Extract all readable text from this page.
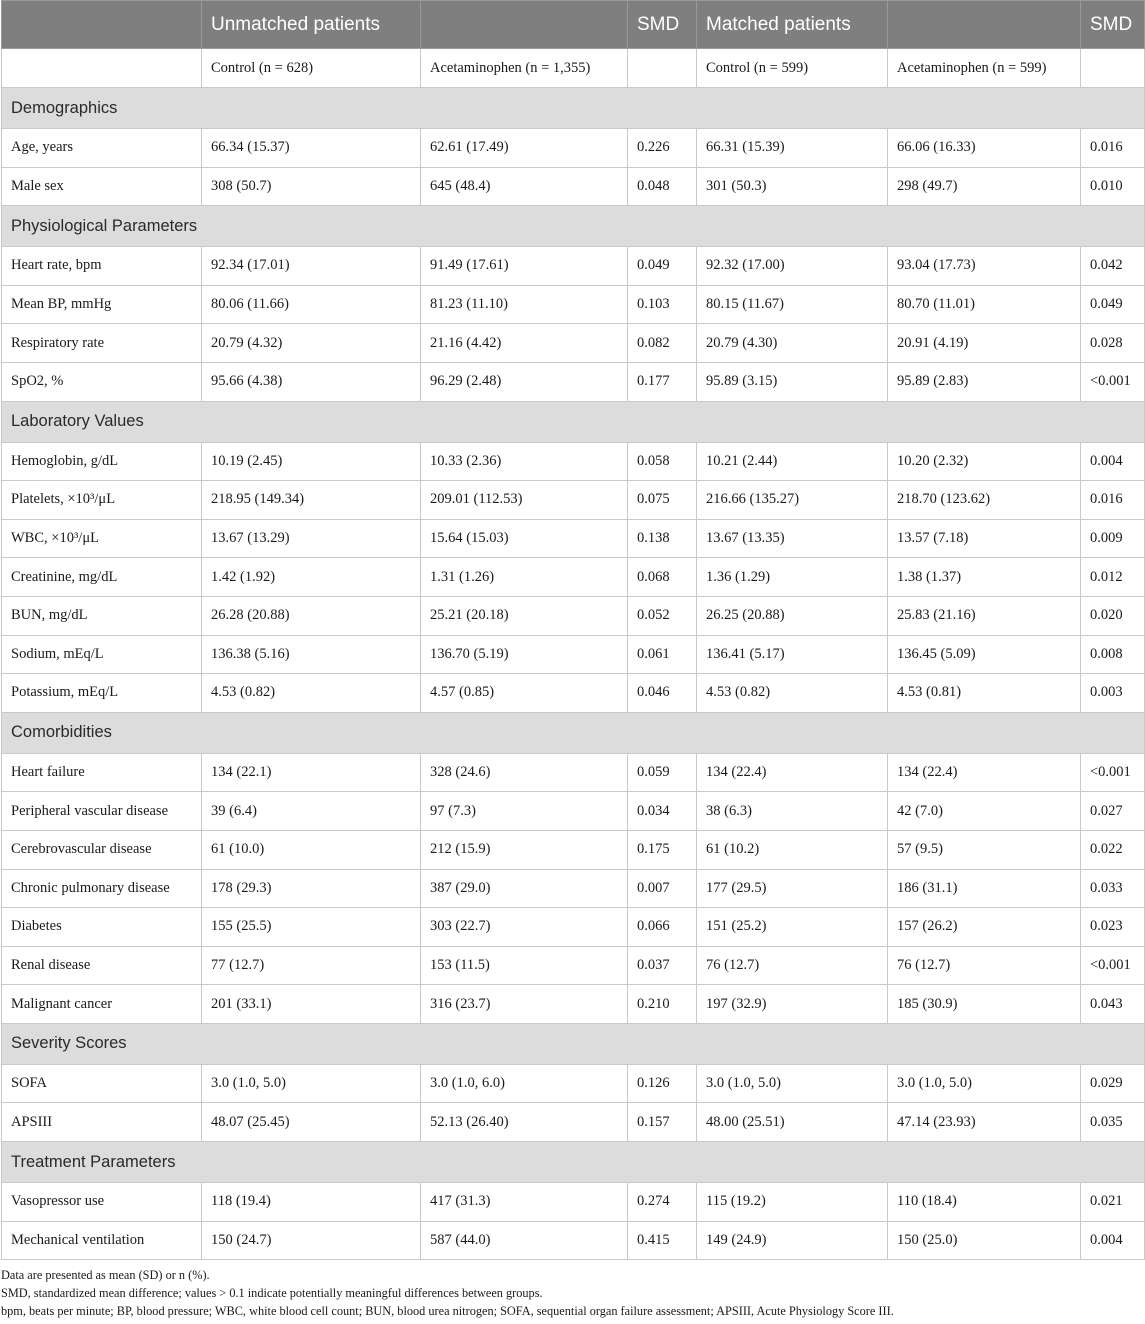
	Unmatched patients		SMD	Matched patients		SMD
	Control (n = 628)	Acetaminophen (n = 1,355)		Control (n = 599)	Acetaminophen (n = 599)	
Demographics						
Age, years	66.34 (15.37)	62.61 (17.49)	0.226	66.31 (15.39)	66.06 (16.33)	0.016
Male sex	308 (50.7)	645 (48.4)	0.048	301 (50.3)	298 (49.7)	0.010
Physiological Parameters						
Heart rate, bpm	92.34 (17.01)	91.49 (17.61)	0.049	92.32 (17.00)	93.04 (17.73)	0.042
Mean BP, mmHg	80.06 (11.66)	81.23 (11.10)	0.103	80.15 (11.67)	80.70 (11.01)	0.049
Respiratory rate	20.79 (4.32)	21.16 (4.42)	0.082	20.79 (4.30)	20.91 (4.19)	0.028
SpO2, %	95.66 (4.38)	96.29 (2.48)	0.177	95.89 (3.15)	95.89 (2.83)	<0.001
Laboratory Values						
Hemoglobin, g/dL	10.19 (2.45)	10.33 (2.36)	0.058	10.21 (2.44)	10.20 (2.32)	0.004
Platelets, ×10³/μL	218.95 (149.34)	209.01 (112.53)	0.075	216.66 (135.27)	218.70 (123.62)	0.016
WBC, ×10³/μL	13.67 (13.29)	15.64 (15.03)	0.138	13.67 (13.35)	13.57 (7.18)	0.009
Creatinine, mg/dL	1.42 (1.92)	1.31 (1.26)	0.068	1.36 (1.29)	1.38 (1.37)	0.012
BUN, mg/dL	26.28 (20.88)	25.21 (20.18)	0.052	26.25 (20.88)	25.83 (21.16)	0.020
Sodium, mEq/L	136.38 (5.16)	136.70 (5.19)	0.061	136.41 (5.17)	136.45 (5.09)	0.008
Potassium, mEq/L	4.53 (0.82)	4.57 (0.85)	0.046	4.53 (0.82)	4.53 (0.81)	0.003
Comorbidities						
Heart failure	134 (22.1)	328 (24.6)	0.059	134 (22.4)	134 (22.4)	<0.001
Peripheral vascular disease	39 (6.4)	97 (7.3)	0.034	38 (6.3)	42 (7.0)	0.027
Cerebrovascular disease	61 (10.0)	212 (15.9)	0.175	61 (10.2)	57 (9.5)	0.022
Chronic pulmonary disease	178 (29.3)	387 (29.0)	0.007	177 (29.5)	186 (31.1)	0.033
Diabetes	155 (25.5)	303 (22.7)	0.066	151 (25.2)	157 (26.2)	0.023
Renal disease	77 (12.7)	153 (11.5)	0.037	76 (12.7)	76 (12.7)	<0.001
Malignant cancer	201 (33.1)	316 (23.7)	0.210	197 (32.9)	185 (30.9)	0.043
Severity Scores						
SOFA	3.0 (1.0, 5.0)	3.0 (1.0, 6.0)	0.126	3.0 (1.0, 5.0)	3.0 (1.0, 5.0)	0.029
APSIII	48.07 (25.45)	52.13 (26.40)	0.157	48.00 (25.51)	47.14 (23.93)	0.035
Treatment Parameters						
Vasopressor use	118 (19.4)	417 (31.3)	0.274	115 (19.2)	110 (18.4)	0.021
Mechanical ventilation	150 (24.7)	587 (44.0)	0.415	149 (24.9)	150 (25.0)	0.004
Data are presented as mean (SD) or n (%).
SMD, standardized mean difference; values > 0.1 indicate potentially meaningful differences between groups.
bpm, beats per minute; BP, blood pressure; WBC, white blood cell count; BUN, blood urea nitrogen; SOFA, sequential organ failure assessment; APSIII, Acute Physiology Score III.
